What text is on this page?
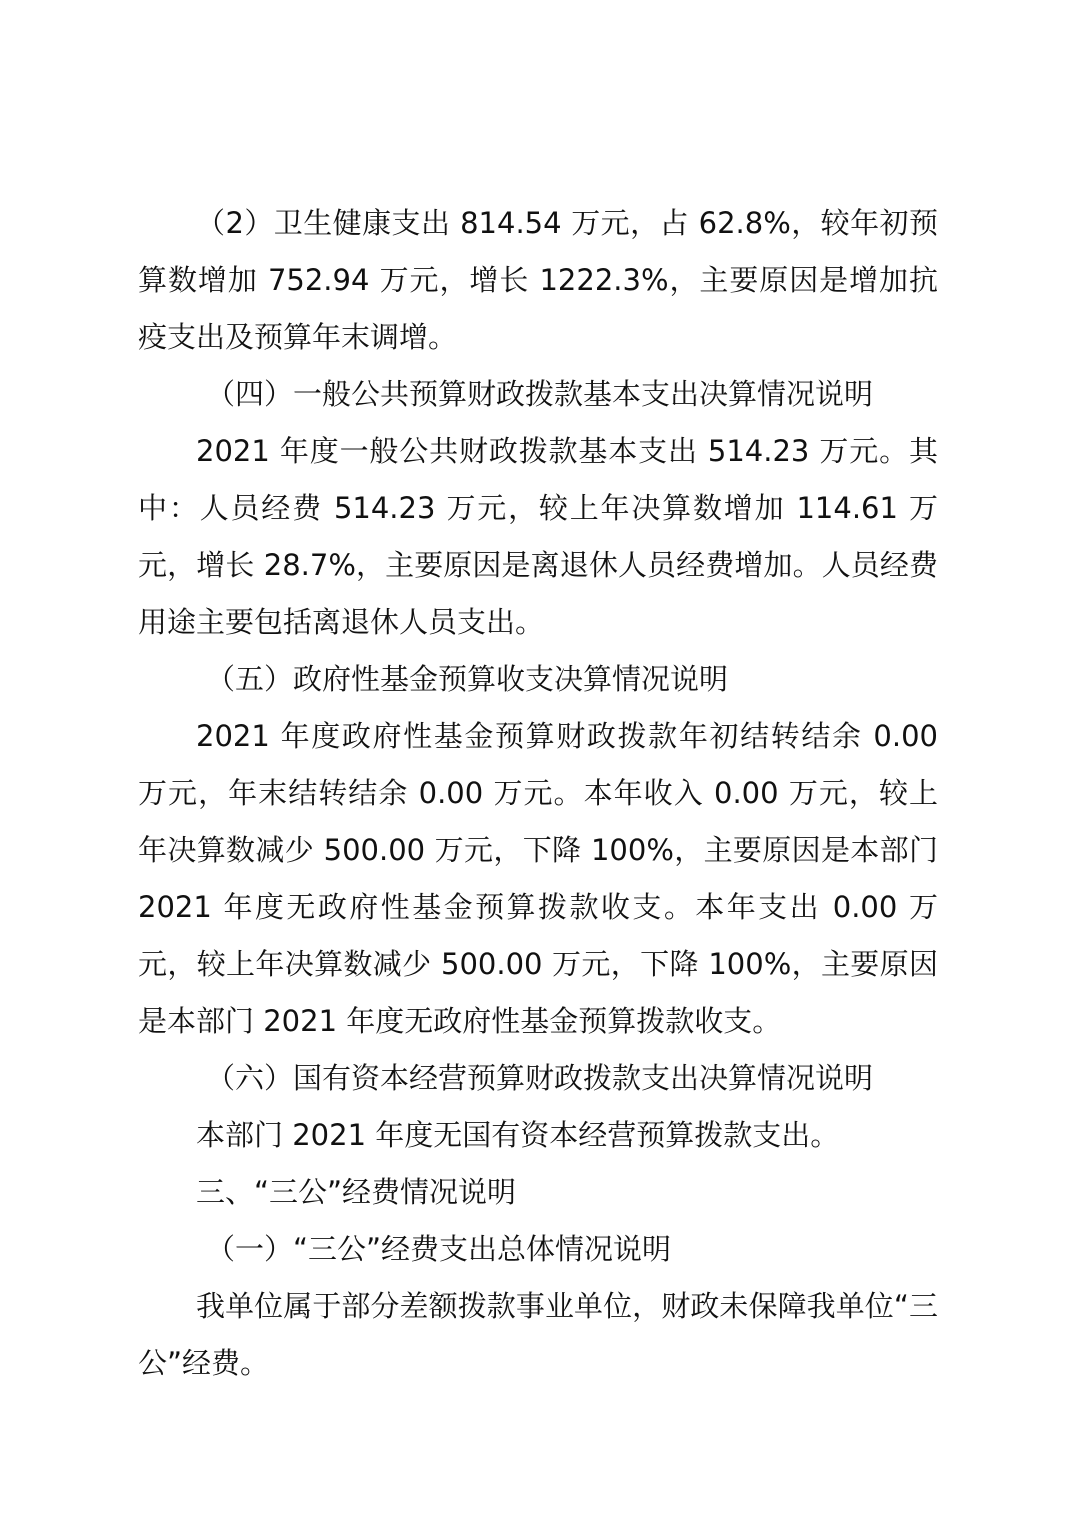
（2）卫生健康支出 814.54 万元，占 62.8%，较年初预算数增加 752.94 万元，增长 1222.3%，主要原因是增加抗疫支出及预算年末调增。

（四）一般公共预算财政拨款基本支出决算情况说明

2021 年度一般公共财政拨款基本支出 514.23 万元。其中：人员经费 514.23 万元，较上年决算数增加 114.61 万元，增长 28.7%，主要原因是离退休人员经费增加。人员经费用途主要包括离退休人员支出。

（五）政府性基金预算收支决算情况说明

2021 年度政府性基金预算财政拨款年初结转结余 0.00 万元，年末结转结余 0.00 万元。本年收入 0.00 万元，较上年决算数减少 500.00 万元，下降 100%，主要原因是本部门 2021 年度无政府性基金预算拨款收支。本年支出 0.00 万元，较上年决算数减少 500.00 万元，下降 100%，主要原因是本部门 2021 年度无政府性基金预算拨款收支。

（六）国有资本经营预算财政拨款支出决算情况说明

本部门 2021 年度无国有资本经营预算拨款支出。

三、“三公”经费情况说明

（一）“三公”经费支出总体情况说明

我单位属于部分差额拨款事业单位，财政未保障我单位“三公”经费。
